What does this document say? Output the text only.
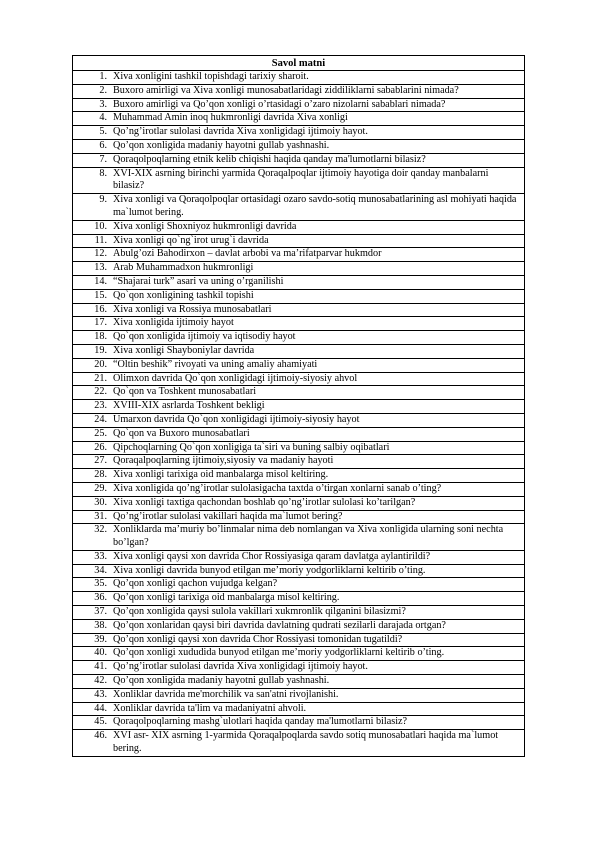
Savol matni

1. Xiva xonligini tashkil topishdagi tarixiy sharoit.

2. Buxoro amirligi va Xiva xonligi munosabatlaridagi ziddiliklarni sabablarini nimada?

3. Buxoro amirligi va Qo’qon xonligi o’rtasidagi o’zaro nizolarni sabablari nimada?

4. Muhammad Amin inoq hukmronligi davrida Xiva xonligi

5. Qo’ng’irotlar sulolasi davrida Xiva xonligidagi ijtimoiy hayot.

6. Qo’qon xonligida madaniy hayotni gullab yashnashi.

7. Qoraqolpoqlarning etnik kelib chiqishi haqida qanday ma'lumotlarni bilasiz?

8. XVI-XIX asrning birinchi yarmida Qoraqalpoqlar ijtimoiy hayotiga doir qanday manbalarni bilasiz?

9. Xiva xonligi va Qoraqolpoqlar ortasidagi ozaro savdo-sotiq munosabatlarining asl mohiyati haqida ma`lumot bering.

10. Xiva xonligi Shoxniyoz hukmronligi davrida

11. Xiva xonligi qo`ng`irot urug`i davrida

12. Abulg’ozi Bahodirxon – davlat arbobi va ma’rifatparvar hukmdor

13. Arab Muhammadxon hukmronligi

14. “Shajarai turk” asari va uning o’rganilishi

15. Qo`qon xonligining tashkil topishi

16. Xiva xonligi va Rossiya munosabatlari

17. Xiva xonligida ijtimoiy hayot

18. Qo`qon xonligida ijtimoiy va iqtisodiy hayot

19. Xiva xonligi Shayboniylar davrida

20. “Oltin beshik” rivoyati va uning amaliy ahamiyati

21. Olimxon davrida Qo`qon xonligidagi ijtimoiy-siyosiy ahvol

22. Qo`qon va Toshkent munosabatlari

23. XVIII-XIX asrlarda Toshkent bekligi

24. Umarxon davrida Qo`qon xonligidagi ijtimoiy-siyosiy hayot

25. Qo`qon va Buxoro munosabatlari

26. Qipchoqlarning Qo`qon xonligiga ta`siri va buning salbiy oqibatlari

27. Qoraqalpoqlarning ijtimoiy,siyosiy va madaniy hayoti

28. Xiva xonligi tarixiga oid manbalarga misol keltiring.

29. Xiva xonligida qo’ng’irotlar sulolasigacha taxtda o’tirgan xonlarni sanab o’ting?

30. Xiva xonligi taxtiga qachondan boshlab qo’ng’irotlar sulolasi ko’tarilgan?

31. Qo’ng’irotlar sulolasi vakillari haqida ma`lumot bering?

32. Xonliklarda ma’muriy bo’linmalar nima deb nomlangan va Xiva xonligida ularning soni nechta bo’lgan?

33. Xiva xonligi qaysi xon davrida Chor Rossiyasiga qaram davlatga aylantirildi?

34. Xiva xonligi davrida bunyod etilgan me’moriy yodgorliklarni keltirib o’ting.

35. Qo’qon xonligi qachon vujudga kelgan?

36. Qo’qon xonligi tarixiga oid manbalarga misol keltiring.

37. Qo’qon xonligida qaysi sulola vakillari xukmronlik qilganini bilasizmi?

38. Qo’qon xonlaridan qaysi biri davrida davlatning qudrati sezilarli darajada ortgan?

39. Qo’qon xonligi qaysi xon davrida Chor Rossiyasi tomonidan tugatildi?

40. Qo’qon xonligi xududida bunyod etilgan me’moriy yodgorliklarni keltirib o’ting.

41. Qo’ng’irotlar sulolasi davrida Xiva xonligidagi ijtimoiy hayot.

42. Qo’qon xonligida madaniy hayotni gullab yashnashi.

43. Xonliklar davrida me'morchilik va san'atni rivojlanishi.

44. Xonliklar davrida ta'lim va madaniyatni ahvoli.

45. Qoraqolpoqlarning mashg`ulotlari haqida qanday ma'lumotlarni bilasiz?

46. XVI asr- XIX asrning 1-yarmida Qoraqalpoqlarda savdo sotiq munosabatlari haqida ma`lumot bering.
